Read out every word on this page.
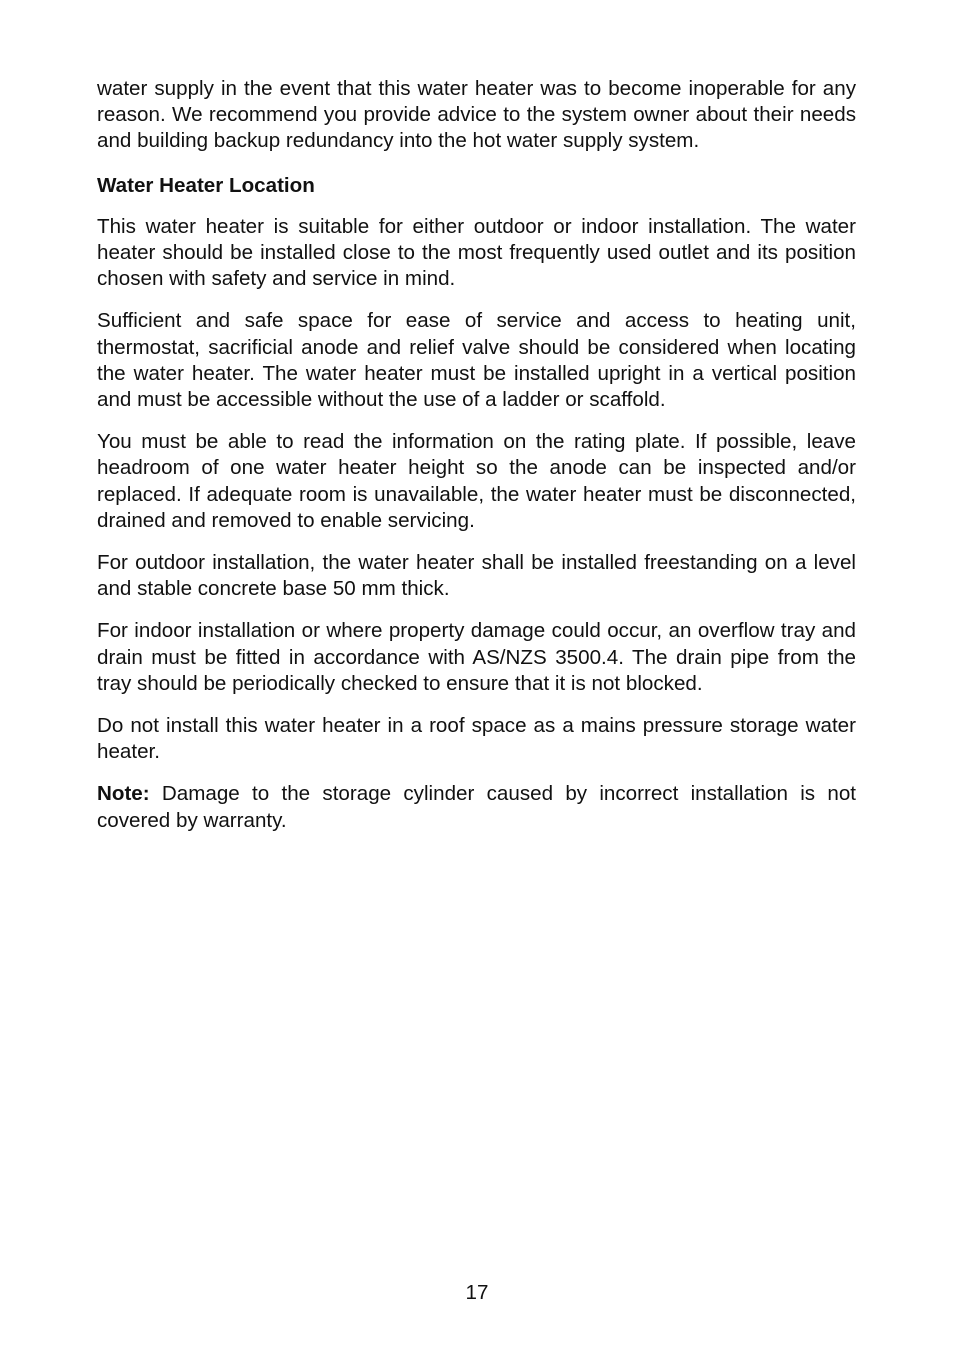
water supply in the event that this water heater was to become inoperable for any reason. We recommend you provide advice to the system owner about their needs and building backup redundancy into the hot water supply system.

Water Heater Location

This water heater is suitable for either outdoor or indoor installation. The water heater should be installed close to the most frequently used outlet and its position chosen with safety and service in mind.

Sufficient and safe space for ease of service and access to heating unit, thermostat, sacrificial anode and relief valve should be considered when locating the water heater. The water heater must be installed upright in a vertical position and must be accessible without the use of a ladder or scaffold.

You must be able to read the information on the rating plate. If possible, leave headroom of one water heater height so the anode can be inspected and/or replaced. If adequate room is unavailable, the water heater must be disconnected, drained and removed to enable servicing.

For outdoor installation, the water heater shall be installed freestanding on a level and stable concrete base 50 mm thick.

For indoor installation or where property damage could occur, an overflow tray and drain must be fitted in accordance with AS/NZS 3500.4. The drain pipe from the tray should be periodically checked to ensure that it is not blocked.

Do not install this water heater in a roof space as a mains pressure storage water heater.

Note: Damage to the storage cylinder caused by incorrect installation is not covered by warranty.

17
